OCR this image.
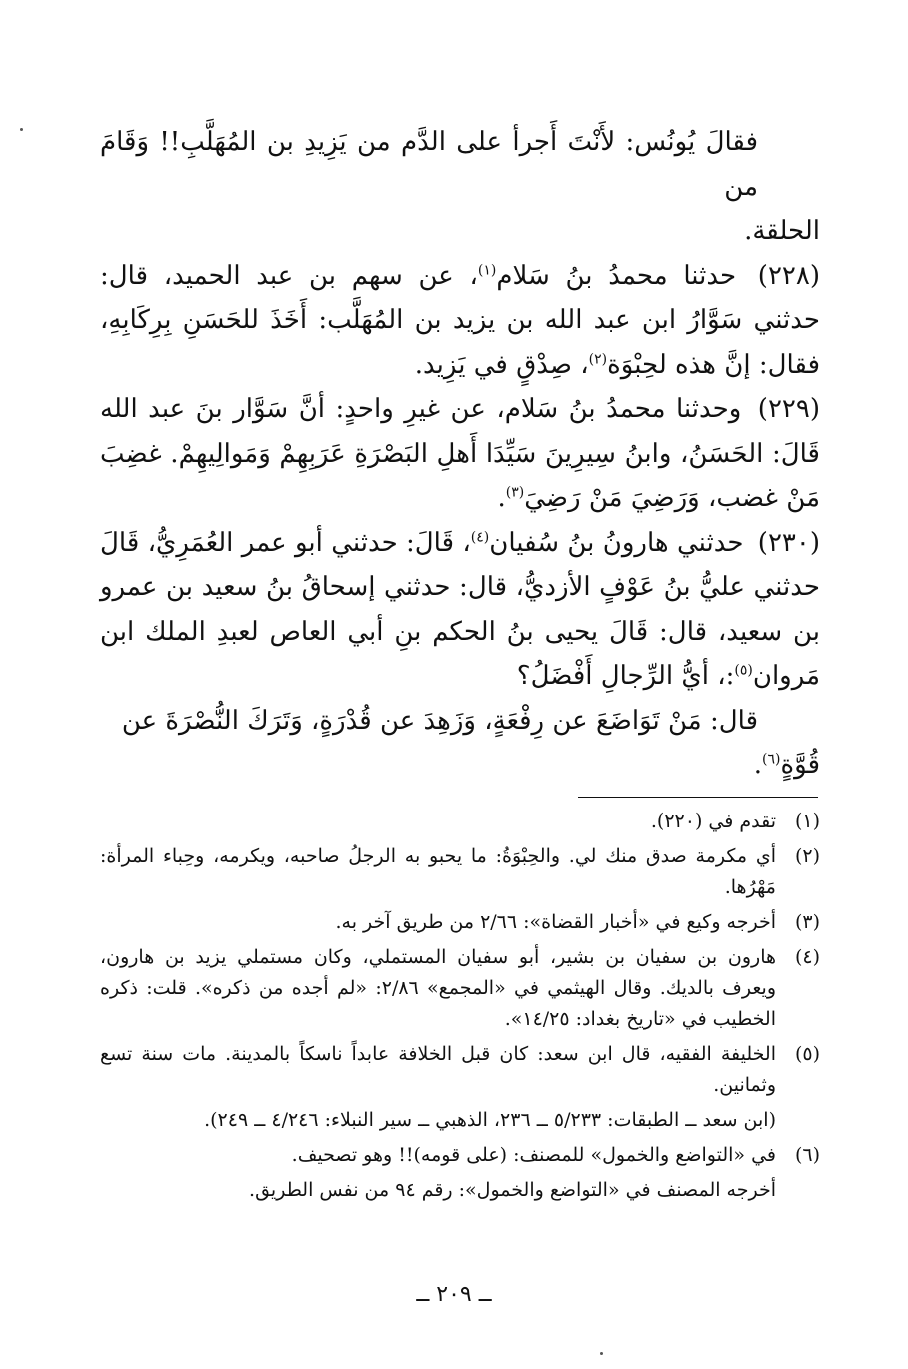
فقالَ يُونُس: لأَنْتَ أَجرأ على الدَّم من يَزِيدِ بن المُهَلَّبِ!! وَقَامَ من

الحلقة.

(٢٢٨) حدثنا محمدُ بنُ سَلام$^{(١)}$، عن سهم بن عبد الحميد، قال: حدثني سَوَّارُ ابن عبد الله بن يزيد بن المُهَلَّب: أَخَذَ للحَسَنِ بِرِكَابِهِ، فقال: إنَّ هذه لحِبْوَة$^{(٢)}$، صِدْقٍ في يَزِيد.

(٢٢٩) وحدثنا محمدُ بنُ سَلام، عن غيرِ واحدٍ: أنَّ سَوَّار بنَ عبد الله قَالَ: الحَسَنُ، وابنُ سِيرِينَ سَيِّدَا أَهلِ البَصْرَةِ عَرَبِهِمْ وَمَوالِيهِمْ. غضِبَ مَنْ غضب، وَرَضِيَ مَنْ رَضِيَ$^{(٣)}$.

(٢٣٠) حدثني هارونُ بنُ سُفيان$^{(٤)}$، قَالَ: حدثني أبو عمر العُمَرِيُّ، قَالَ حدثني عليُّ بنُ عَوْفٍ الأزديُّ، قال: حدثني إسحاقُ بنُ سعيد بن عمرو بن سعيد، قال: قَالَ يحيى بنُ الحكم بنِ أبي العاص لعبدِ الملك ابن مَروان$^{(٥)}$:، أيُّ الرِّجالِ أَفْضَلُ؟

قال: مَنْ تَوَاضَعَ عن رِفْعَةٍ، وَزَهِدَ عن قُدْرَةٍ، وَتَرَكَ النُّصْرَةَ عن

قُوَّةٍ$^{(٦)}$.

(١)
تقدم في (٢٢٠).
(٢)
أي مكرمة صدق منك لي. والحِبْوَةُ: ما يحبو به الرجلُ صاحبه، ويكرمه، وحِباء المرأة: مَهْرُها.
(٣)
أخرجه وكيع في «أخبار القضاة»: ٢/٦٦ من طريق آخر به.
(٤)
هارون بن سفيان بن بشير، أبو سفيان المستملي، وكان مستملي يزيد بن هارون، ويعرف بالديك. وقال الهيثمي في «المجمع» ٢/٨٦: «لم أجده من ذكره». قلت: ذكره الخطيب في «تاريخ بغداد: ١٤/٢٥».
(٥)
الخليفة الفقيه، قال ابن سعد: كان قبل الخلافة عابداً ناسكاً بالمدينة. مات سنة تسع وثمانين.
(ابن سعد ــ الطبقات: ٥/٢٣٣ ــ ٢٣٦، الذهبي ــ سير النبلاء: ٤/٢٤٦ ــ ٢٤٩).
(٦)
في «التواضع والخمول» للمصنف: (على قومه)!! وهو تصحيف.
أخرجه المصنف في «التواضع والخمول»: رقم ٩٤ من نفس الطريق.
ــ ٢٠٩ ــ
